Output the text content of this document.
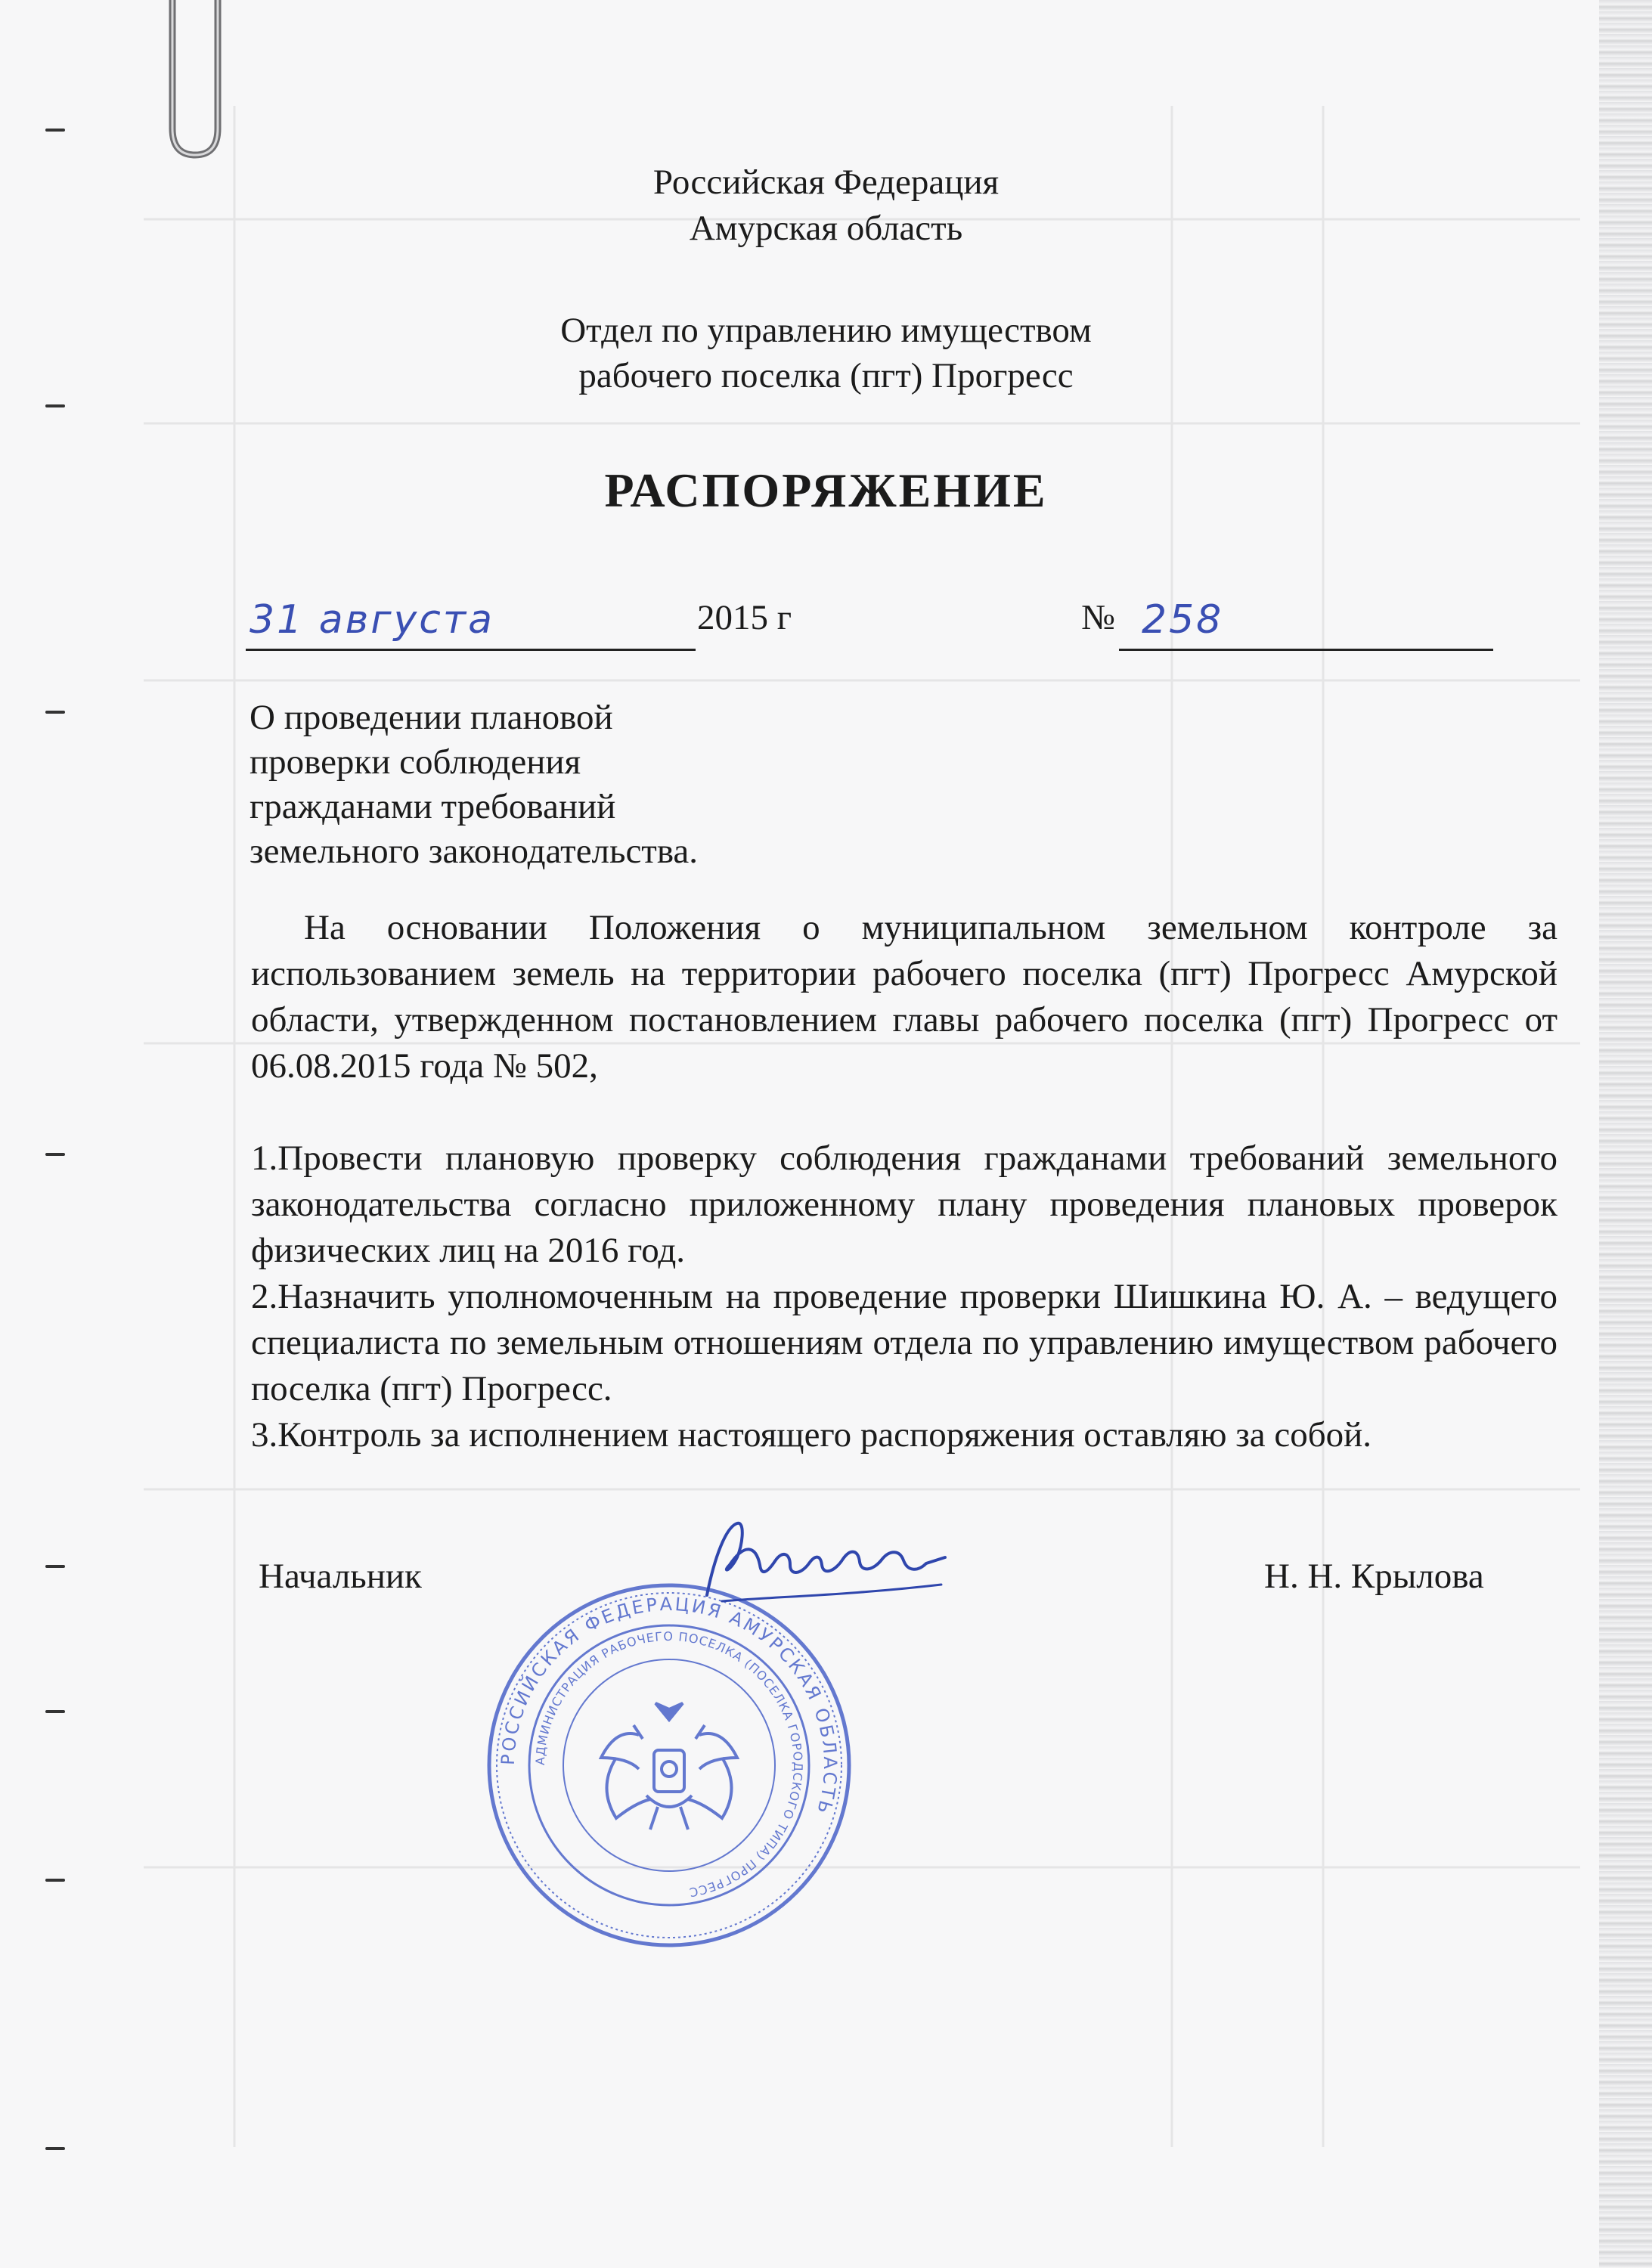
Российская Федерация
Амурская область
Отдел по управлению имуществом
рабочего поселка (пгт) Прогресс
РАСПОРЯЖЕНИЕ
31 августа	2015 г	№ 258
О проведении плановой
проверки соблюдения
гражданами требований
земельного законодательства.
На основании Положения о муниципальном земельном контроле за использованием земель на территории рабочего поселка (пгт) Прогресс Амурской области, утвержденном постановлением главы рабочего поселка (пгт) Прогресс от 06.08.2015 года № 502,
1.Провести плановую проверку соблюдения гражданами требований земельного законодательства согласно приложенному плану проведения плановых проверок физических лиц на 2016 год.
2.Назначить уполномоченным на проведение проверки Шишкина Ю. А. – ведущего специалиста по земельным отношениям отдела по управлению имуществом рабочего поселка (пгт) Прогресс.
3.Контроль за исполнением настоящего распоряжения оставляю за собой.
Начальник	Н. Н. Крылова
РОССИЙСКАЯ ФЕДЕРАЦИЯ АМУРСКАЯ ОБЛАСТЬ
АДМИНИСТРАЦИЯ РАБОЧЕГО ПОСЕЛКА (ПОСЕЛКА ГОРОДСКОГО ТИПА) ПРОГРЕСС
